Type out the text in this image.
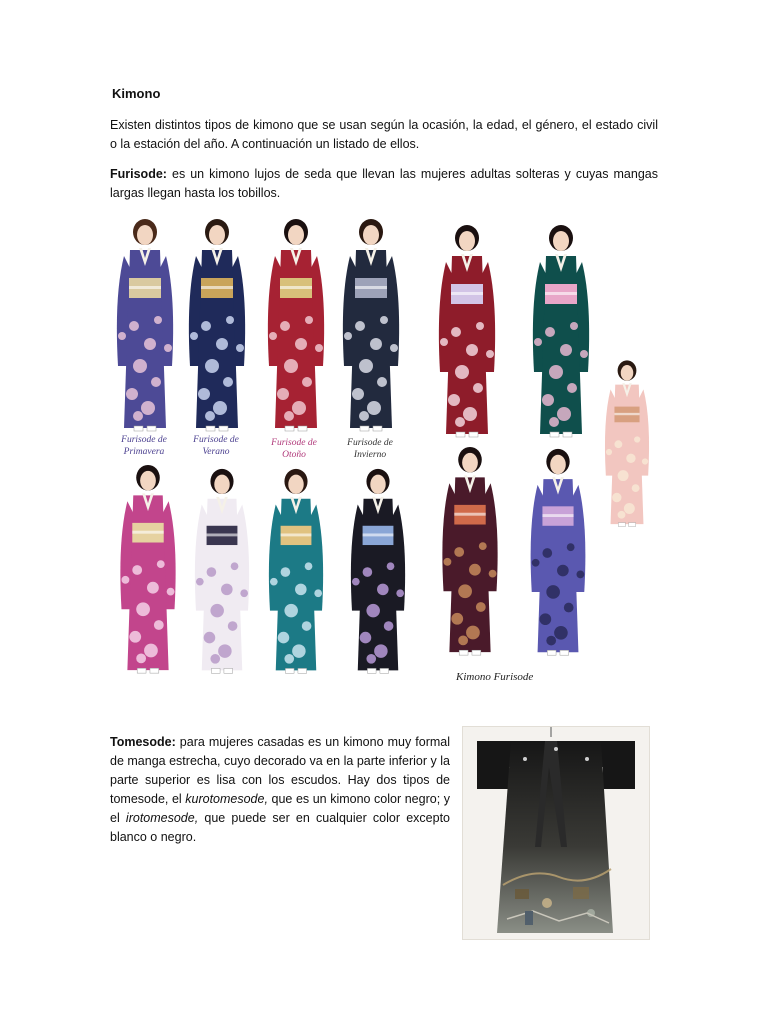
Kimono

Existen distintos tipos de kimono que se usan según la ocasión, la edad, el género, el estado civil o la estación del año. A continuación un listado de ellos.

Furisode: es un kimono lujos de seda que llevan las mujeres adultas solteras y cuyas mangas largas llegan hasta los tobillos.

Furisode de
Primavera
Furisode de
Verano
Furisode de
Otoño
Furisode de
Invierno
Kimono Furisode

Tomesode: para mujeres casadas es un kimono muy formal de manga estrecha, cuyo decorado va en la parte inferior y la parte superior es lisa con los escudos. Hay dos tipos de tomesode, el kurotomesode, que es un kimono color negro; y el irotomesode, que puede ser en cualquier color excepto blanco o negro.
